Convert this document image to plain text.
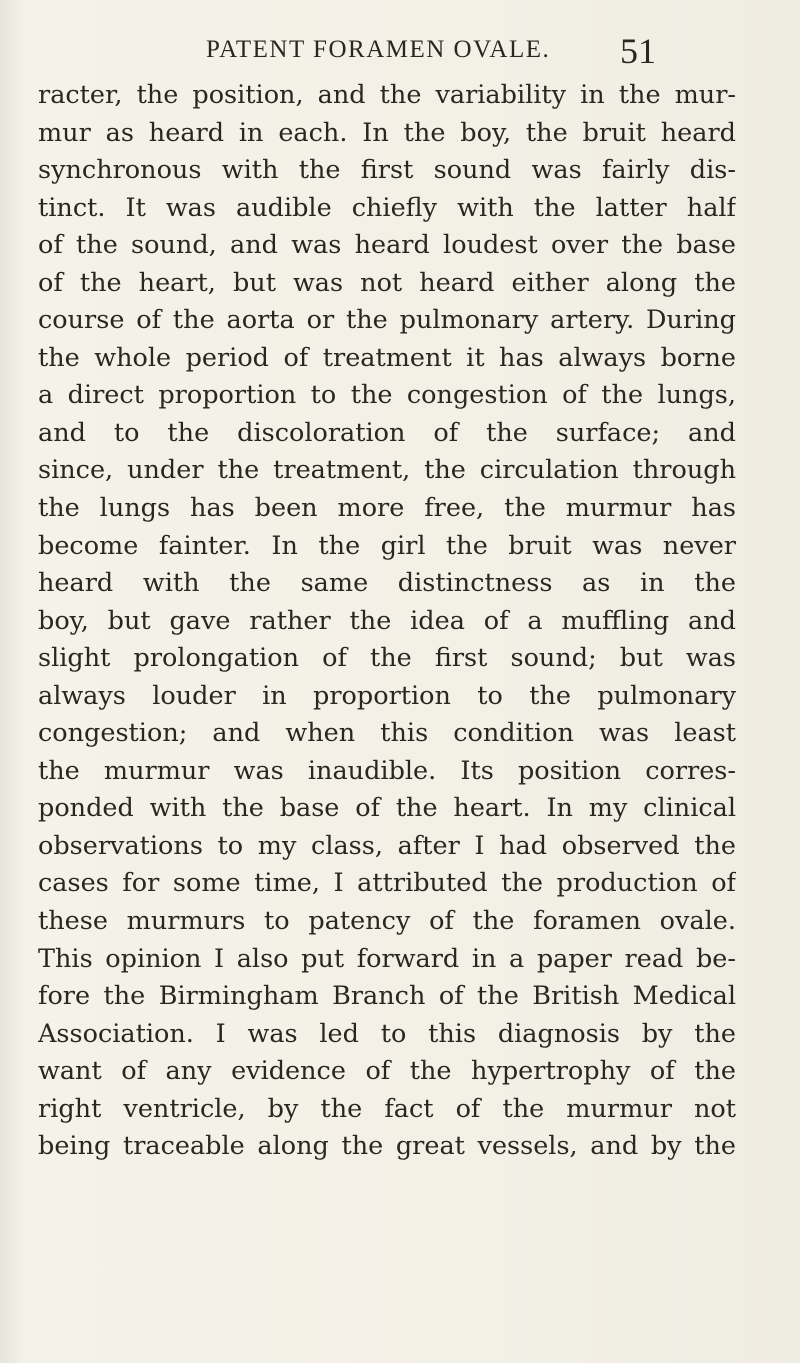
PATENT FORAMEN OVALE. 51
racter, the position, and the variability in the mur-
mur as heard in each. In the boy, the bruit heard
synchronous with the first sound was fairly dis-
tinct. It was audible chiefly with the latter half
of the sound, and was heard loudest over the base
of the heart, but was not heard either along the
course of the aorta or the pulmonary artery. During
the whole period of treatment it has always borne
a direct proportion to the congestion of the lungs,
and to the discoloration of the surface; and
since, under the treatment, the circulation through
the lungs has been more free, the murmur has
become fainter. In the girl the bruit was never
heard with the same distinctness as in the
boy, but gave rather the idea of a muffling and
slight prolongation of the first sound; but was
always louder in proportion to the pulmonary
congestion; and when this condition was least
the murmur was inaudible. Its position corres-
ponded with the base of the heart. In my clinical
observations to my class, after I had observed the
cases for some time, I attributed the production of
these murmurs to patency of the foramen ovale.
This opinion I also put forward in a paper read be-
fore the Birmingham Branch of the British Medical
Association. I was led to this diagnosis by the
want of any evidence of the hypertrophy of the
right ventricle, by the fact of the murmur not
being traceable along the great vessels, and by the
